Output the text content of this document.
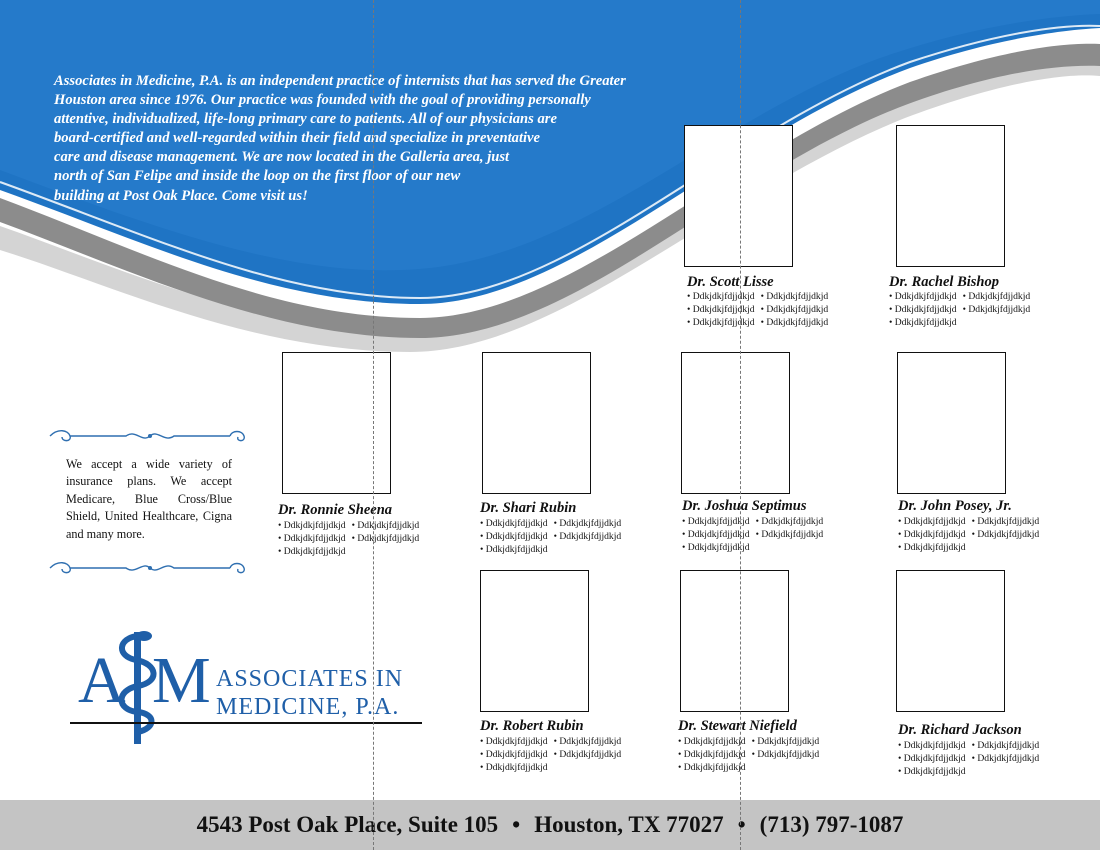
Associates in Medicine, P.A. is an independent practice of internists that has served the Greater
Houston area since 1976. Our practice was founded with the goal of providing personally
attentive, individualized, life-long primary care to patients. All of our physicians are
board-certified and well-regarded within their field and specialize in preventative
care and disease management. We are now located in the Galleria area, just
north of San Felipe and inside the loop on the first floor of our new
building at Post Oak Place. Come visit us!
Dr. Scott Lisse
• Ddkjdkjfdjjdkjd • Ddkjdkjfdjjdkjd
• Ddkjdkjfdjjdkjd • Ddkjdkjfdjjdkjd
• Ddkjdkjfdjjdkjd • Ddkjdkjfdjjdkjd
Dr. Rachel Bishop
• Ddkjdkjfdjjdkjd • Ddkjdkjfdjjdkjd
• Ddkjdkjfdjjdkjd • Ddkjdkjfdjjdkjd
• Ddkjdkjfdjjdkjd
Dr. Ronnie Sheena
• Ddkjdkjfdjjdkjd • Ddkjdkjfdjjdkjd
• Ddkjdkjfdjjdkjd • Ddkjdkjfdjjdkjd
• Ddkjdkjfdjjdkjd
Dr. Shari Rubin
• Ddkjdkjfdjjdkjd • Ddkjdkjfdjjdkjd
• Ddkjdkjfdjjdkjd • Ddkjdkjfdjjdkjd
• Ddkjdkjfdjjdkjd
Dr. Joshua Septimus
• Ddkjdkjfdjjdkjd • Ddkjdkjfdjjdkjd
• Ddkjdkjfdjjdkjd • Ddkjdkjfdjjdkjd
• Ddkjdkjfdjjdkjd
Dr. John Posey, Jr.
• Ddkjdkjfdjjdkjd • Ddkjdkjfdjjdkjd
• Ddkjdkjfdjjdkjd • Ddkjdkjfdjjdkjd
• Ddkjdkjfdjjdkjd
Dr. Robert Rubin
• Ddkjdkjfdjjdkjd • Ddkjdkjfdjjdkjd
• Ddkjdkjfdjjdkjd • Ddkjdkjfdjjdkjd
• Ddkjdkjfdjjdkjd
Dr. Stewart Niefield
• Ddkjdkjfdjjdkjd • Ddkjdkjfdjjdkjd
• Ddkjdkjfdjjdkjd • Ddkjdkjfdjjdkjd
• Ddkjdkjfdjjdkjd
Dr. Richard Jackson
• Ddkjdkjfdjjdkjd • Ddkjdkjfdjjdkjd
• Ddkjdkjfdjjdkjd • Ddkjdkjfdjjdkjd
• Ddkjdkjfdjjdkjd
We accept a wide variety of insurance plans. We accept Medicare, Blue Cross/Blue Shield, United Healthcare, Cigna and many more.
A M ASSOCIATES IN
MEDICINE, P.A.
4543 Post Oak Place, Suite 105 • Houston, TX 77027 • (713) 797-1087
